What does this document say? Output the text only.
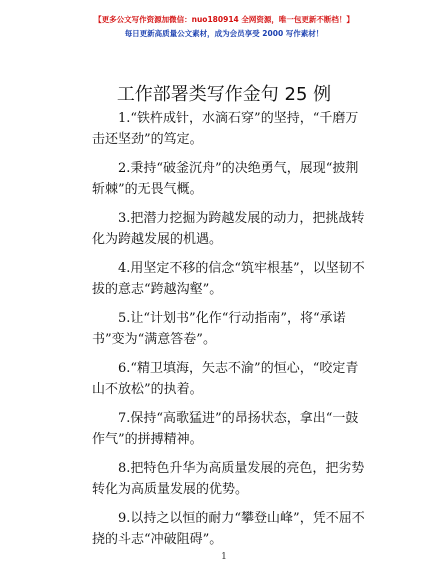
【更多公文写作资源加微信：nuo180914 全网资源，唯一包更新不断档！】
每日更新高质量公文素材，成为会员享受 2000 写作素材！
工作部署类写作金句 25 例

1.“铁杵成针，水滴石穿”的坚持，“千磨万击还坚劲”的笃定。

2.秉持“破釜沉舟”的决绝勇气，展现“披荆斩棘”的无畏气概。

3.把潜力挖掘为跨越发展的动力，把挑战转化为跨越发展的机遇。

4.用坚定不移的信念“筑牢根基”，以坚韧不拔的意志“跨越沟壑”。

5.让“计划书”化作“行动指南”，将“承诺书”变为“满意答卷”。

6.“精卫填海，矢志不渝”的恒心，“咬定青山不放松”的执着。

7.保持“高歌猛进”的昂扬状态，拿出“一鼓作气”的拼搏精神。

8.把特色升华为高质量发展的亮色，把劣势转化为高质量发展的优势。

9.以持之以恒的耐力“攀登山峰”，凭不屈不挠的斗志“冲破阻碍”。

1
